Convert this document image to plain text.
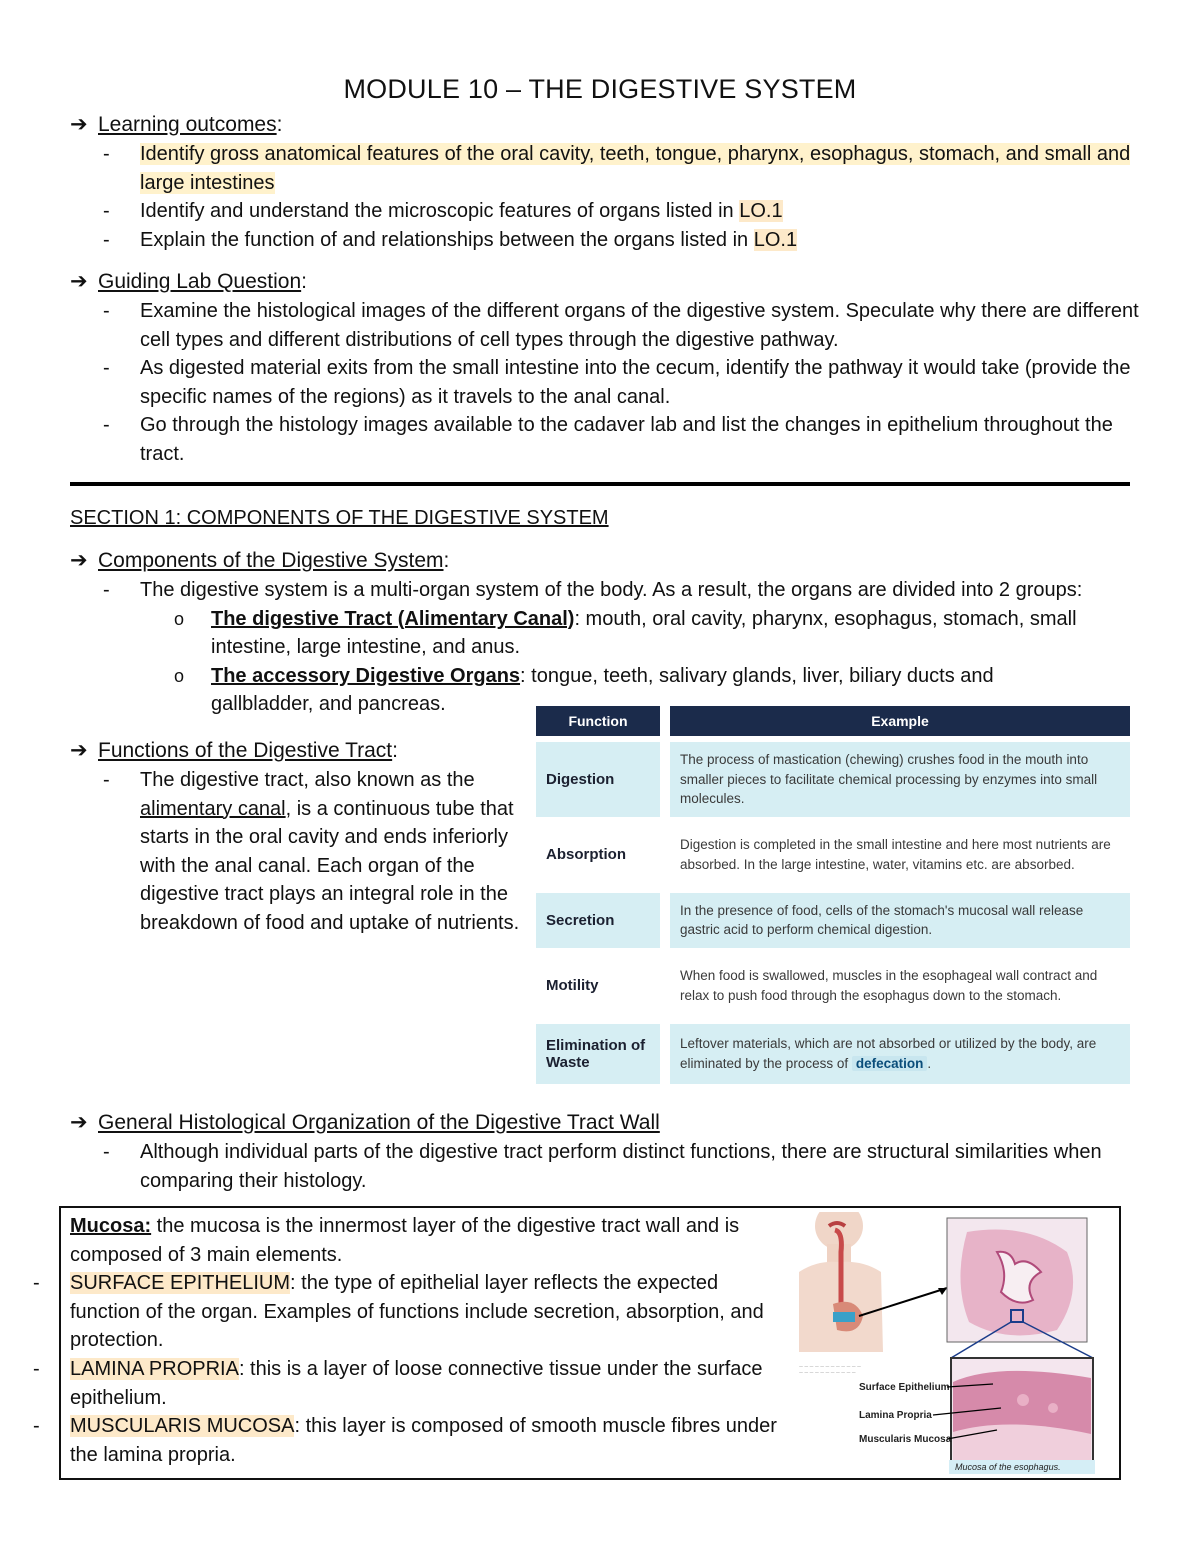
MODULE 10 – THE DIGESTIVE SYSTEM
➔ Learning outcomes:
- Identify gross anatomical features of the oral cavity, teeth, tongue, pharynx, esophagus, stomach, and small and large intestines
- Identify and understand the microscopic features of organs listed in LO.1
- Explain the function of and relationships between the organs listed in LO.1
➔ Guiding Lab Question:
- Examine the histological images of the different organs of the digestive system. Speculate why there are different cell types and different distributions of cell types through the digestive pathway.
- As digested material exits from the small intestine into the cecum, identify the pathway it would take (provide the specific names of the regions) as it travels to the anal canal.
- Go through the histology images available to the cadaver lab and list the changes in epithelium throughout the tract.
SECTION 1: COMPONENTS OF THE DIGESTIVE SYSTEM
➔ Components of the Digestive System:
- The digestive system is a multi-organ system of the body. As a result, the organs are divided into 2 groups:
o The digestive Tract (Alimentary Canal): mouth, oral cavity, pharynx, esophagus, stomach, small intestine, large intestine, and anus.
o The accessory Digestive Organs: tongue, teeth, salivary glands, liver, biliary ducts and gallbladder, and pancreas.
➔ Functions of the Digestive Tract:
- The digestive tract, also known as the alimentary canal, is a continuous tube that starts in the oral cavity and ends inferiorly with the anal canal. Each organ of the digestive tract plays an integral role in the breakdown of food and uptake of nutrients.
Function	Example
Digestion	The process of mastication (chewing) crushes food in the mouth into smaller pieces to facilitate chemical processing by enzymes into small molecules.
Absorption	Digestion is completed in the small intestine and here most nutrients are absorbed. In the large intestine, water, vitamins etc. are absorbed.
Secretion	In the presence of food, cells of the stomach's mucosal wall release gastric acid to perform chemical digestion.
Motility	When food is swallowed, muscles in the esophageal wall contract and relax to push food through the esophagus down to the stomach.
Elimination of Waste	Leftover materials, which are not absorbed or utilized by the body, are eliminated by the process of defecation .
➔ General Histological Organization of the Digestive Tract Wall
- Although individual parts of the digestive tract perform distinct functions, there are structural similarities when comparing their histology.
Mucosa: the mucosa is the innermost layer of the digestive tract wall and is composed of 3 main elements.
- SURFACE EPITHELIUM: the type of epithelial layer reflects the expected function of the organ. Examples of functions include secretion, absorption, and protection.
- LAMINA PROPRIA: this is a layer of loose connective tissue under the surface epithelium.
- MUSCULARIS MUCOSA: this layer is composed of smooth muscle fibres under the lamina propria.
— — — — — — — — — — — —
— — — — — — — — — — —
Surface Epithelium
Lamina Propria
Muscularis Mucosa
Mucosa of the esophagus.
